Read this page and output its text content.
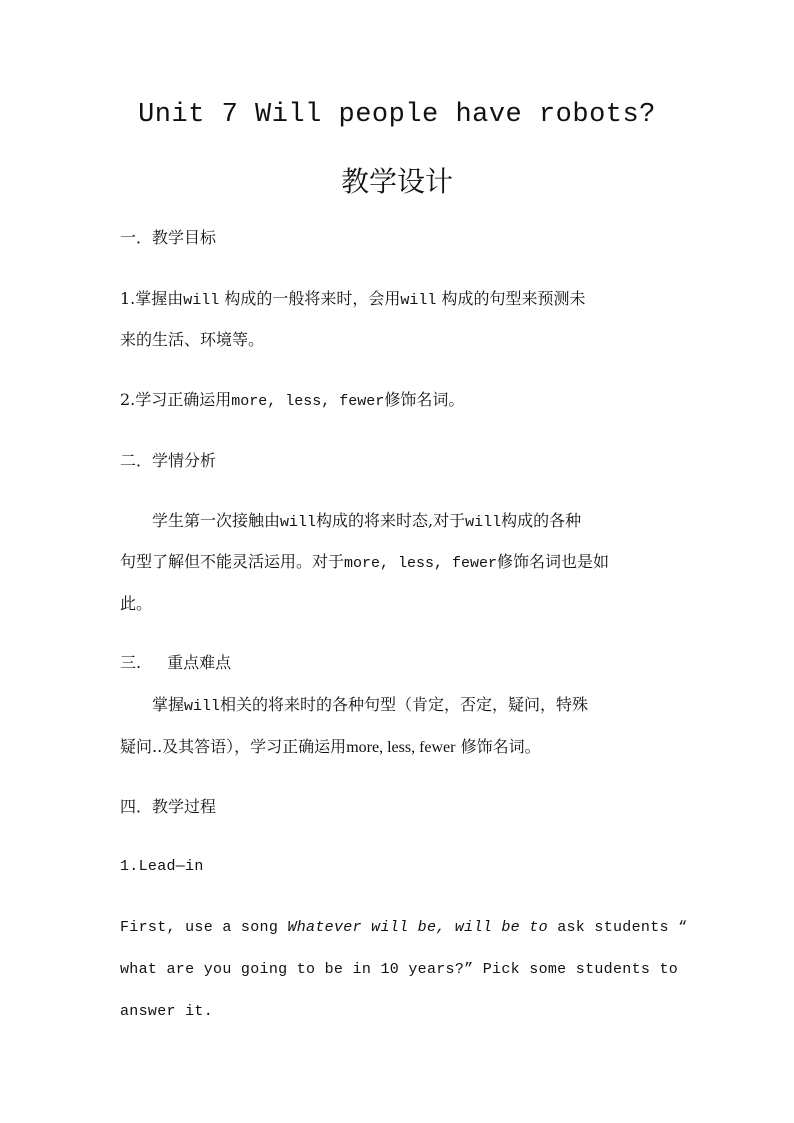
Unit 7 Will people have robots?
教学设计
一．教学目标
1.掌握由will 构成的一般将来时，会用will 构成的句型来预测未
来的生活、环境等。
2.学习正确运用more, less, fewer修饰名词。
二．学情分析
学生第一次接触由will构成的将来时态,对于will构成的各种
句型了解但不能灵活运用。对于more, less, fewer修饰名词也是如
此。
三. 重点难点
掌握will相关的将来时的各种句型（肯定，否定，疑问，特殊
疑问..及其答语），学习正确运用more, less, fewer 修饰名词。
四．教学过程
1.Lead—in
First, use a song Whatever will be, will be to ask students “
what are you going to be in 10 years?” Pick some students to
answer it.
